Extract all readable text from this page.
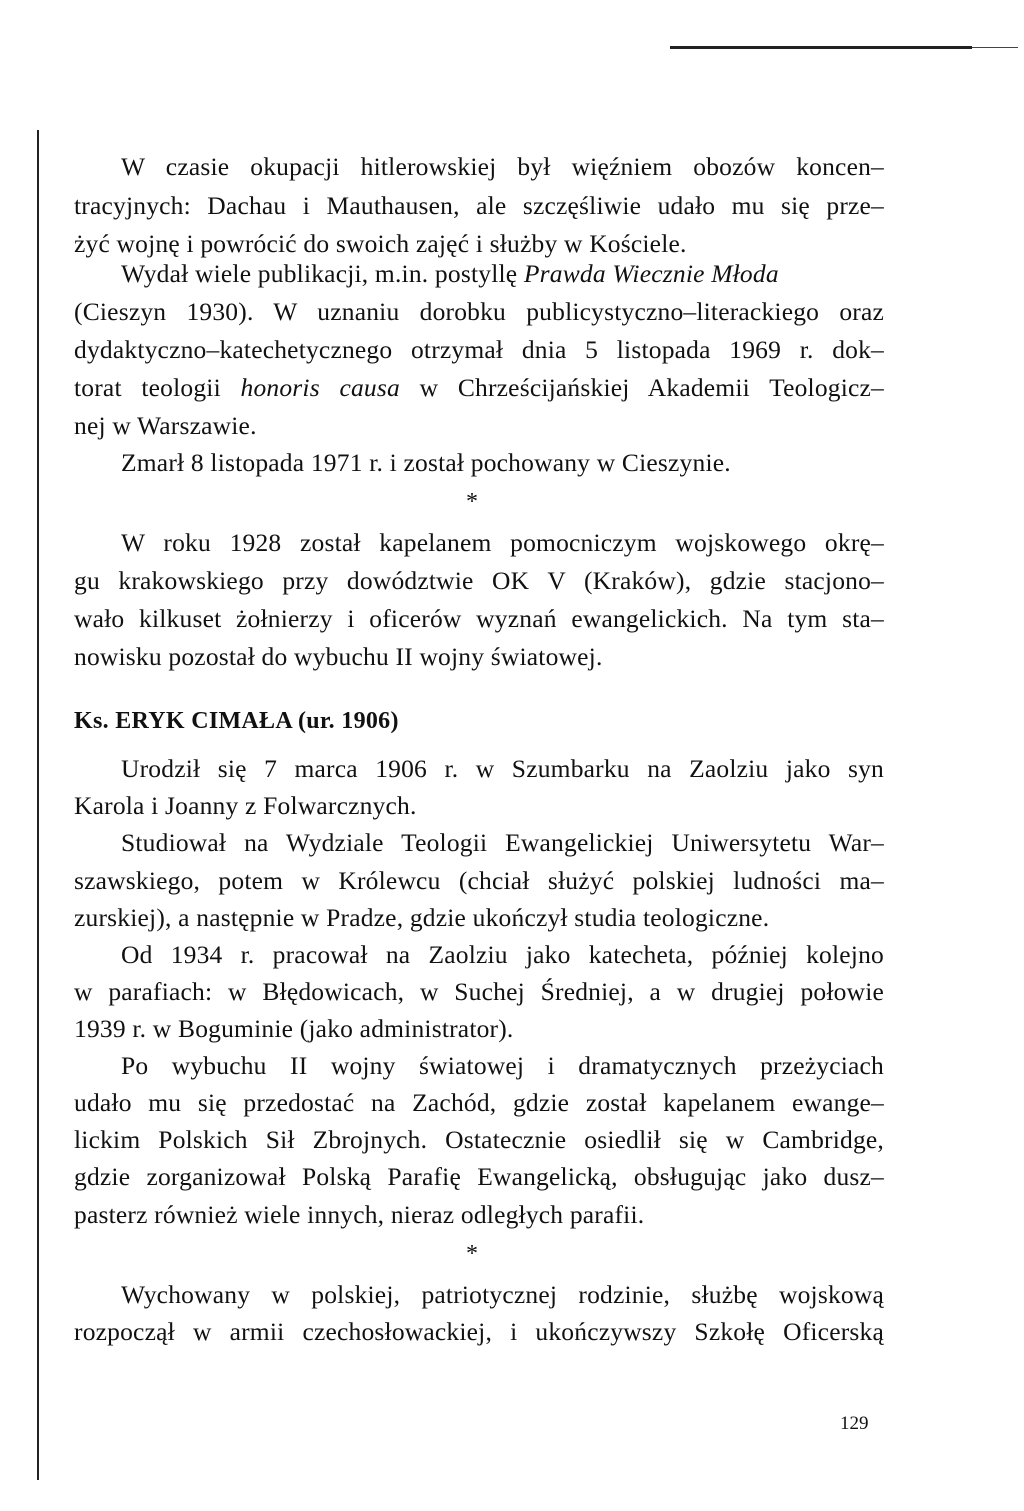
W czasie okupacji hitlerowskiej był więźniem obozów koncen–
tracyjnych: Dachau i Mauthausen, ale szczęśliwie udało mu się prze–
żyć wojnę i powrócić do swoich zajęć i służby w Kościele.
Wydał wiele publikacji, m.in. postyllę Prawda Wiecznie Młoda
(Cieszyn 1930). W uznaniu dorobku publicystyczno–literackiego oraz
dydaktyczno–katechetycznego otrzymał dnia 5 listopada 1969 r. dok–
torat teologii honoris causa w Chrześcijańskiej Akademii Teologicz–
nej w Warszawie.
Zmarł 8 listopada 1971 r. i został pochowany w Cieszynie.
*
W roku 1928 został kapelanem pomocniczym wojskowego okrę–
gu krakowskiego przy dowództwie OK V (Kraków), gdzie stacjono–
wało kilkuset żołnierzy i oficerów wyznań ewangelickich. Na tym sta–
nowisku pozostał do wybuchu II wojny światowej.
Ks. ERYK CIMAŁA (ur. 1906)
Urodził się 7 marca 1906 r. w Szumbarku na Zaolziu jako syn
Karola i Joanny z Folwarcznych.
Studiował na Wydziale Teologii Ewangelickiej Uniwersytetu War–
szawskiego, potem w Królewcu (chciał służyć polskiej ludności ma–
zurskiej), a następnie w Pradze, gdzie ukończył studia teologiczne.
Od 1934 r. pracował na Zaolziu jako katecheta, później kolejno
w parafiach: w Błędowicach, w Suchej Średniej, a w drugiej połowie
1939 r. w Boguminie (jako administrator).
Po wybuchu II wojny światowej i dramatycznych przeżyciach
udało mu się przedostać na Zachód, gdzie został kapelanem ewange–
lickim Polskich Sił Zbrojnych. Ostatecznie osiedlił się w Cambridge,
gdzie zorganizował Polską Parafię Ewangelicką, obsługując jako dusz–
pasterz również wiele innych, nieraz odległych parafii.
*
Wychowany w polskiej, patriotycznej rodzinie, służbę wojskową
rozpoczął w armii czechosłowackiej, i ukończywszy Szkołę Oficerską
129
